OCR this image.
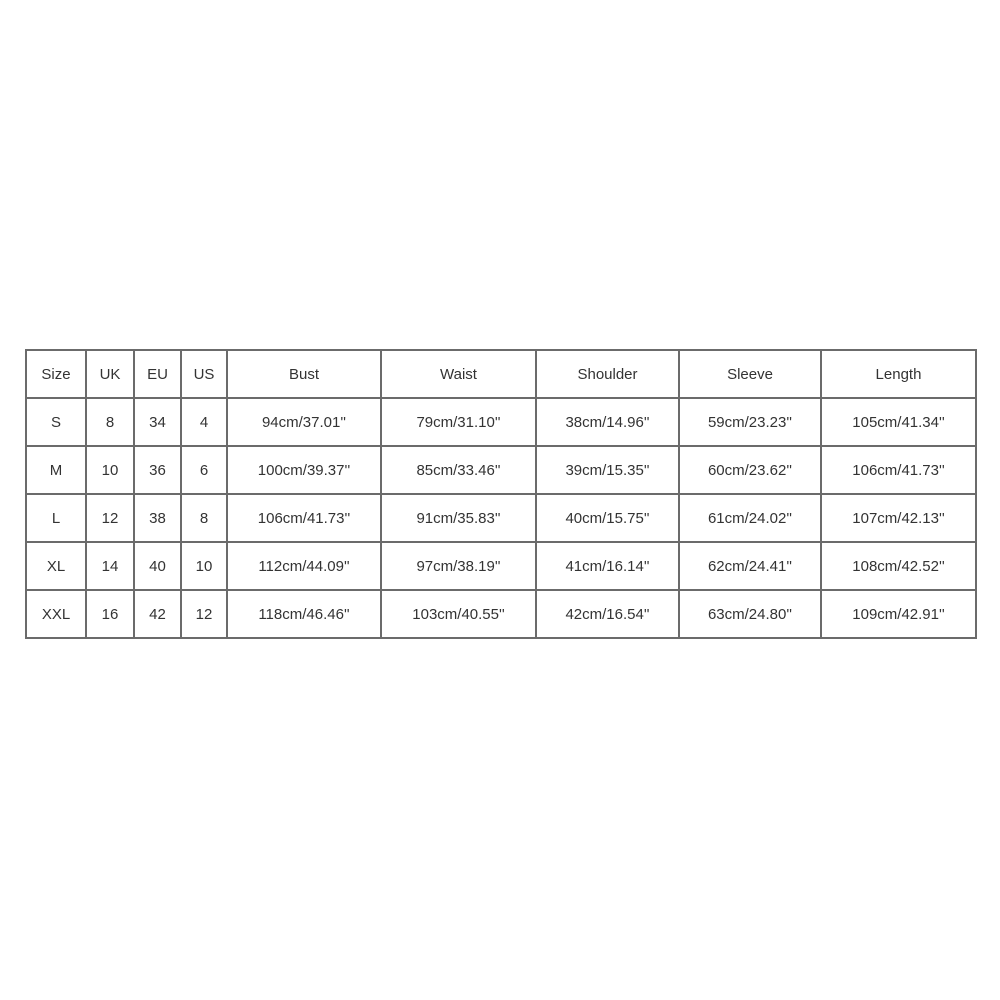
Size	UK	EU	US	Bust	Waist	Shoulder	Sleeve	Length
S	8	34	4	94cm/37.01''	79cm/31.10''	38cm/14.96''	59cm/23.23''	105cm/41.34''
M	10	36	6	100cm/39.37''	85cm/33.46''	39cm/15.35''	60cm/23.62''	106cm/41.73''
L	12	38	8	106cm/41.73''	91cm/35.83''	40cm/15.75''	61cm/24.02''	107cm/42.13''
XL	14	40	10	112cm/44.09''	97cm/38.19''	41cm/16.14''	62cm/24.41''	108cm/42.52''
XXL	16	42	12	118cm/46.46''	103cm/40.55''	42cm/16.54''	63cm/24.80''	109cm/42.91''
